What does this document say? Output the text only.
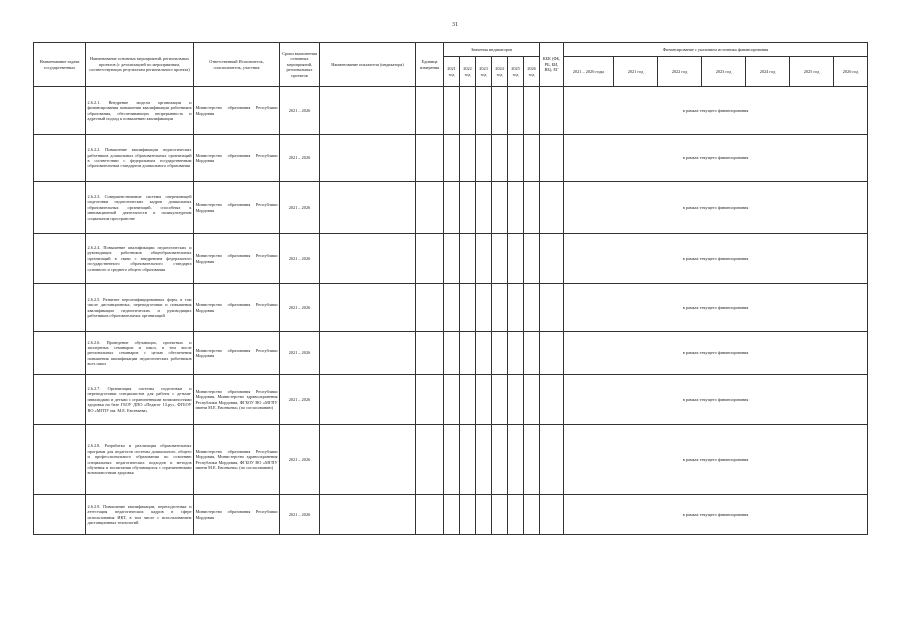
31
Наименование задачи государственных	Наименование основных мероприятий, региональных проектов (с детализацией по мероприятиям, соответствующих результатам регионального проекта)	Ответственный Исполнитель, соисполнитель, участник	Сроки выполнения основных мероприятий, региональных проектов	Наименование показателя (индикатора)	Единица измерения	Значения индикаторов						КБК (ФБ, РБ, БИ, ВБ), ЕГ	Финансирование с указанием источника финансирования						
						2021 год	2022 год	2023 год	2024 год	2025 год	2026 год		2021 – 2026 годы	2021 год	2022 год	2023 год	2024 год	2025 год	2026 год
	2.6.2.1. Внедрение модели организации и финансирования повышения квалификации работников образования, обеспечивающих непрерывность и адресный подход к повышению квалификации	Министерство образования Республики Мордовия	2021 – 2026										в рамках текущего финансирования						
	2.6.2.2. Повышение квалификации педагогических работников дошкольных образовательных организаций в соответствии с федеральным государственным образовательным стандартом дошкольного образования	Министерство образования Республики Мордовия	2021 – 2026										в рамках текущего финансирования						
	2.6.2.3. Совершенствование системы опережающей подготовки педагогических кадров дошкольных образовательных организаций, способных к инновационной деятельности в поликультурном социальном пространстве	Министерство образования Республики Мордовия	2021 – 2026										в рамках текущего финансирования						
	2.6.2.4. Повышение квалификации педагогических и руководящих работников общеобразовательных организаций в связи с внедрением федерального государственного образовательного стандарта основного и среднего общего образования	Министерство образования Республики Мордовия	2021 – 2026										в рамках текущего финансирования						
	2.6.2.5. Развитие персонифицированных форм, в том числе дистанционных, переподготовки и повышения квалификации педагогических и руководящих работников образовательных организаций	Министерство образования Республики Мордовия	2021 – 2026										в рамках текущего финансирования						
	2.6.2.6. Проведение обучающих, проектных и экспертных семинаров и школ, в том числе региональных семинаров с целью обеспечения повышения квалификации педагогических работников всех школ	Министерство образования Республики Мордовия	2021 – 2026										в рамках текущего финансирования						
	2.6.2.7. Организация системы подготовки и переподготовки специалистов для работы с детьми-инвалидами и детьми с ограниченными возможностями здоровья на базе ГБОУ ДПО «Педагог 13.ру», ФГБОУ ВО «МГПУ им. М.Е. Евсевьева»	Министерство образования Республики Мордовия, Министерство здравоохранения Республики Мордовия, ФГБОУ ВО «МГПУ имени М.Е. Евсевьева» (по согласованию)	2021 – 2026										в рамках текущего финансирования						
	2.6.2.8. Разработка и реализация образовательных программ для педагогов системы дошкольного, общего и профессионального образования по освоению специальных педагогических подходов и методов обучения и воспитания обучающихся с ограниченными возможностями здоровья	Министерство образования Республики Мордовия, Министерство здравоохранения Республики Мордовия, ФГБОУ ВО «МГПУ имени М.Е. Евсевьева» (по согласованию)	2021 – 2026										в рамках текущего финансирования						
	2.6.2.9. Повышение квалификации, переподготовка и аттестация педагогических кадров в сфере использования ИКТ, в том числе с использованием дистанционных технологий	Министерство образования Республики Мордовия	2021 – 2026										в рамках текущего финансирования						
